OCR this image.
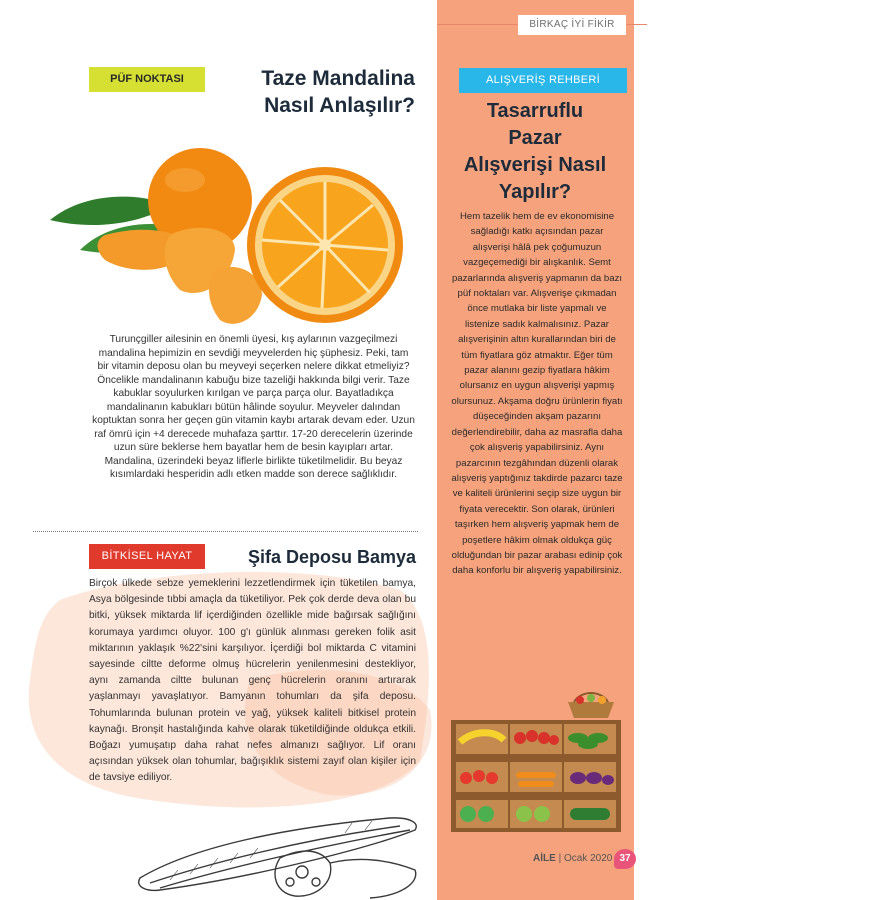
BİRKAÇ İYİ FİKİR
PÜF NOKTASI	Taze Mandalina
Nasıl Anlaşılır?
Turunçgiller ailesinin en önemli üyesi, kış aylarının vazgeçilmezi mandalina hepimizin en sevdiği meyvelerden hiç şüphesiz. Peki, tam bir vitamin deposu olan bu meyveyi seçerken nelere dikkat etmeliyiz? Öncelikle mandalinanın kabuğu bize tazeliği hakkında bilgi verir. Taze kabuklar soyulurken kırılgan ve parça parça olur. Bayatladıkça mandalinanın kabukları bütün hâlinde soyulur. Meyveler dalından koptuktan sonra her geçen gün vitamin kaybı artarak devam eder. Uzun raf ömrü için +4 derecede muhafaza şarttır. 17-20 derecelerin üzerinde uzun süre beklerse hem bayatlar hem de besin kayıpları artar. Mandalina, üzerindeki beyaz liflerle birlikte tüketilmelidir. Bu beyaz kısımlardaki hesperidin adlı etken madde son derece sağlıklıdır.
BİTKİSEL HAYAT	Şifa Deposu Bamya
Birçok ülkede sebze yemeklerini lezzetlendirmek için tüketilen bamya, Asya bölgesinde tıbbi amaçla da tüketiliyor. Pek çok derde deva olan bu bitki, yüksek miktarda lif içerdiğinden özellikle mide bağırsak sağlığını korumaya yardımcı oluyor. 100 g'ı günlük alınması gereken folik asit miktarının yaklaşık %22'sini karşılıyor. İçerdiği bol miktarda C vitamini sayesinde ciltte deforme olmuş hücrelerin yenilenmesini destekliyor, aynı zamanda ciltte bulunan genç hücrelerin oranını artırarak yaşlanmayı yavaşlatıyor. Bamyanın tohumları da şifa deposu. Tohumlarında bulunan protein ve yağ, yüksek kaliteli bitkisel protein kaynağı. Bronşit hastalığında kahve olarak tüketildiğinde oldukça etkili. Boğazı yumuşatıp daha rahat nefes almanızı sağlıyor. Lif oranı açısından yüksek olan tohumlar, bağışıklık sistemi zayıf olan kişiler için de tavsiye ediliyor.
ALIŞVERİŞ REHBERİ
Tasarruflu
Pazar
Alışverişi Nasıl
Yapılır?
Hem tazelik hem de ev ekonomisine sağladığı katkı açısından pazar alışverişi hâlâ pek çoğumuzun vazgeçemediği bir alışkanlık. Semt pazarlarında alışveriş yapmanın da bazı püf noktaları var. Alışverişe çıkmadan önce mutlaka bir liste yapmalı ve listenize sadık kalmalısınız. Pazar alışverişinin altın kurallarından biri de tüm fiyatlara göz atmaktır. Eğer tüm pazar alanını gezip fiyatlara hâkim olursanız en uygun alışverişi yapmış olursunuz. Akşama doğru ürünlerin fiyatı düşeceğinden akşam pazarını değerlendirebilir, daha az masrafla daha çok alışveriş yapabilirsiniz. Aynı pazarcının tezgâhından düzenli olarak alışveriş yaptığınız takdirde pazarcı taze ve kaliteli ürünlerini seçip size uygun bir fiyata verecektir. Son olarak, ürünleri taşırken hem alışveriş yapmak hem de poşetlere hâkim olmak oldukça güç olduğundan bir pazar arabası edinip çok daha konforlu bir alışveriş yapabilirsiniz.
AİLE | Ocak 2020 37
